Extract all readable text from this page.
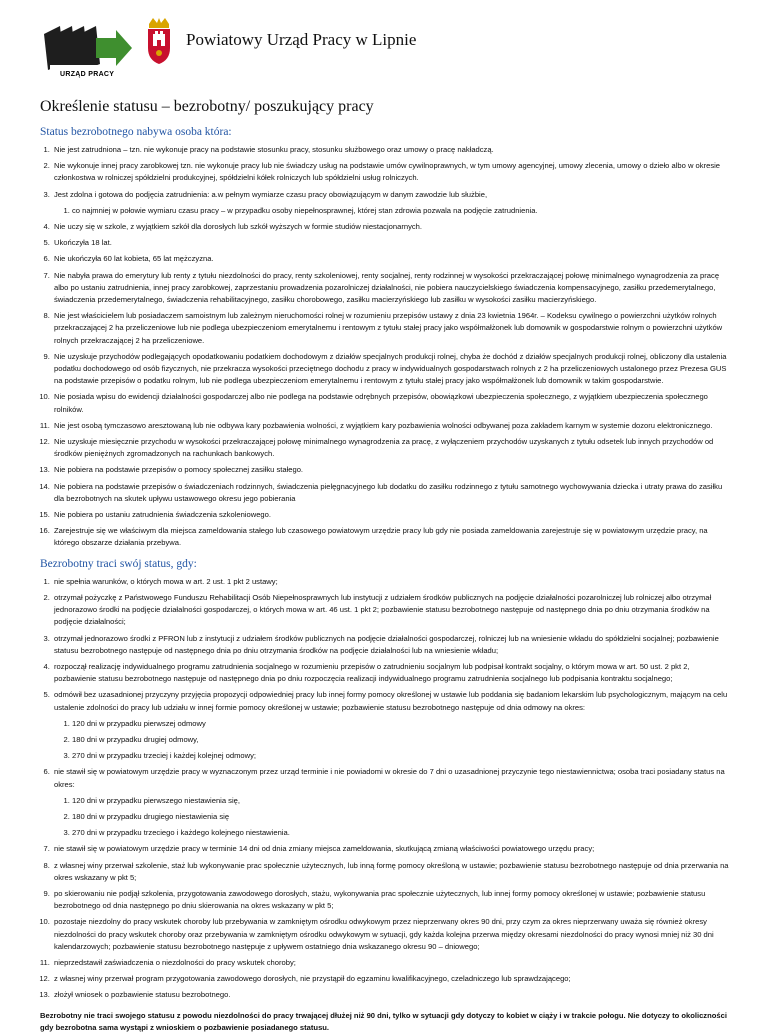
URZĄD PRACY
Powiatowy Urząd Pracy w Lipnie
Określenie statusu – bezrobotny/ poszukujący pracy
Status bezrobotnego nabywa osoba która:
1. Nie jest zatrudniona – tzn. nie wykonuje pracy na podstawie stosunku pracy, stosunku służbowego oraz umowy o pracę nakładczą.
2. Nie wykonuje innej pracy zarobkowej tzn. nie wykonuje pracy lub nie świadczy usług na podstawie umów cywilnoprawnych, w tym umowy agencyjnej, umowy zlecenia, umowy o dzieło albo w okresie członkostwa w rolniczej spółdzielni produkcyjnej, spółdzielni kółek rolniczych lub spółdzielni usług rolniczych.
3. Jest zdolna i gotowa do podjęcia zatrudnienia: a.w pełnym wymiarze czasu pracy obowiązującym w danym zawodzie lub służbie,
1. co najmniej w połowie wymiaru czasu pracy – w przypadku osoby niepełnosprawnej, której stan zdrowia pozwala na podjęcie zatrudnienia.
4. Nie uczy się w szkole, z wyjątkiem szkół dla dorosłych lub szkół wyższych w formie studiów niestacjonarnych.
5. Ukończyła 18 lat.
6. Nie ukończyła 60 lat kobieta, 65 lat mężczyzna.
7. Nie nabyła prawa do emerytury lub renty z tytułu niezdolności do pracy, renty szkoleniowej, renty socjalnej, renty rodzinnej w wysokości przekraczającej połowę minimalnego wynagrodzenia za pracę albo po ustaniu zatrudnienia, innej pracy zarobkowej, zaprzestaniu prowadzenia pozarolniczej działalności, nie pobiera nauczycielskiego świadczenia kompensacyjnego, zasiłku przedemerytalnego, świadczenia przedemerytalnego, świadczenia rehabilitacyjnego, zasiłku chorobowego, zasiłku macierzyńskiego lub zasiłku w wysokości zasiłku macierzyńskiego.
8. Nie jest właścicielem lub posiadaczem samoistnym lub zależnym nieruchomości rolnej w rozumieniu przepisów ustawy z dnia 23 kwietnia 1964r. – Kodeksu cywilnego o powierzchni użytków rolnych przekraczającej 2 ha przeliczeniowe lub nie podlega ubezpieczeniom emerytalnemu i rentowym z tytułu stałej pracy jako współmałżonek lub domownik w gospodarstwie rolnym o powierzchni użytków rolnych przekraczającej 2 ha przeliczeniowe.
9. Nie uzyskuje przychodów podlegających opodatkowaniu podatkiem dochodowym z działów specjalnych produkcji rolnej, chyba że dochód z działów specjalnych produkcji rolnej, obliczony dla ustalenia podatku dochodowego od osób fizycznych, nie przekracza wysokości przeciętnego dochodu z pracy w indywidualnych gospodarstwach rolnych z 2 ha przeliczeniowych ustalonego przez Prezesa GUS na podstawie przepisów o podatku rolnym, lub nie podlega ubezpieczeniom emerytalnemu i rentowym z tytułu stałej pracy jako współmałżonek lub domownik w takim gospodarstwie.
10. Nie posiada wpisu do ewidencji działalności gospodarczej albo nie podlega na podstawie odrębnych przepisów, obowiązkowi ubezpieczenia społecznego, z wyjątkiem ubezpieczenia społecznego rolników.
11. Nie jest osobą tymczasowo aresztowaną lub nie odbywa kary pozbawienia wolności, z wyjątkiem kary pozbawienia wolności odbywanej poza zakładem karnym w systemie dozoru elektronicznego.
12. Nie uzyskuje miesięcznie przychodu w wysokości przekraczającej połowę minimalnego wynagrodzenia za pracę, z wyłączeniem przychodów uzyskanych z tytułu odsetek lub innych przychodów od środków pieniężnych zgromadzonych na rachunkach bankowych.
13. Nie pobiera na podstawie przepisów o pomocy społecznej zasiłku stałego.
14. Nie pobiera na podstawie przepisów o świadczeniach rodzinnych, świadczenia pielęgnacyjnego lub dodatku do zasiłku rodzinnego z tytułu samotnego wychowywania dziecka i utraty prawa do zasiłku dla bezrobotnych na skutek upływu ustawowego okresu jego pobierania
15. Nie pobiera po ustaniu zatrudnienia świadczenia szkoleniowego.
16. Zarejestruje się we właściwym dla miejsca zameldowania stałego lub czasowego powiatowym urzędzie pracy lub gdy nie posiada zameldowania zarejestruje się w powiatowym urzędzie pracy, na którego obszarze działania przebywa.
Bezrobotny traci swój status, gdy:
1. nie spełnia warunków, o których mowa w art. 2 ust. 1 pkt 2 ustawy;
2. otrzymał pożyczkę z Państwowego Funduszu Rehabilitacji Osób Niepełnosprawnych lub instytucji z udziałem środków publicznych na podjęcie działalności pozarolniczej lub rolniczej albo otrzymał jednorazowo środki na podjęcie działalności gospodarczej, o których mowa w art. 46 ust. 1 pkt 2; pozbawienie statusu bezrobotnego następuje od następnego dnia po dniu otrzymania środków na podjęcie działalności;
3. otrzymał jednorazowo środki z PFRON lub z instytucji z udziałem środków publicznych na podjęcie działalności gospodarczej, rolniczej lub na wniesienie wkładu do spółdzielni socjalnej; pozbawienie statusu bezrobotnego następuje od następnego dnia po dniu otrzymania środków na podjęcie działalności lub na wniesienie wkładu;
4. rozpoczął realizację indywidualnego programu zatrudnienia socjalnego w rozumieniu przepisów o zatrudnieniu socjalnym lub podpisał kontrakt socjalny, o którym mowa w art. 50 ust. 2 pkt 2, pozbawienie statusu bezrobotnego następuje od następnego dnia po dniu rozpoczęcia realizacji indywidualnego programu zatrudnienia socjalnego lub podpisania kontraktu socjalnego;
5. odmówił bez uzasadnionej przyczyny przyjęcia propozycji odpowiedniej pracy lub innej formy pomocy określonej w ustawie lub poddania się badaniom lekarskim lub psychologicznym, mającym na celu ustalenie zdolności do pracy lub udziału w innej formie pomocy określonej w ustawie; pozbawienie statusu bezrobotnego następuje od dnia odmowy na okres:
1. 120 dni w przypadku pierwszej odmowy
2. 180 dni w przypadku drugiej odmowy,
3. 270 dni w przypadku trzeciej i każdej kolejnej odmowy;
6. nie stawił się w powiatowym urzędzie pracy w wyznaczonym przez urząd terminie i nie powiadomi w okresie do 7 dni o uzasadnionej przyczynie tego niestawiennictwa; osoba traci posiadany status na okres:
1. 120 dni w przypadku pierwszego niestawienia się,
2. 180 dni w przypadku drugiego niestawienia się
3. 270 dni w przypadku trzeciego i każdego kolejnego niestawienia.
7. nie stawił się w powiatowym urzędzie pracy w terminie 14 dni od dnia zmiany miejsca zameldowania, skutkującą zmianą właściwości powiatowego urzędu pracy;
8. z własnej winy przerwał szkolenie, staż lub wykonywanie prac społecznie użytecznych, lub inną formę pomocy określoną w ustawie; pozbawienie statusu bezrobotnego następuje od dnia przerwania na okres wskazany w pkt 5;
9. po skierowaniu nie podjął szkolenia, przygotowania zawodowego dorosłych, stażu, wykonywania prac społecznie użytecznych, lub innej formy pomocy określonej w ustawie; pozbawienie statusu bezrobotnego od dnia następnego po dniu skierowania na okres wskazany w pkt 5;
10. pozostaje niezdolny do pracy wskutek choroby lub przebywania w zamkniętym ośrodku odwykowym przez nieprzerwany okres 90 dni, przy czym za okres nieprzerwany uważa się również okresy niezdolności do pracy wskutek choroby oraz przebywania w zamkniętym ośrodku odwykowym w sytuacji, gdy każda kolejna przerwa między okresami niezdolności do pracy wynosi mniej niż 30 dni kalendarzowych; pozbawienie statusu bezrobotnego następuje z upływem ostatniego dnia wskazanego okresu 90 – dniowego;
11. nieprzedstawił zaświadczenia o niezdolności do pracy wskutek choroby;
12. z własnej winy przerwał program przygotowania zawodowego dorosłych, nie przystąpił do egzaminu kwalifikacyjnego, czeladniczego lub sprawdzającego;
13. złożył wniosek o pozbawienie statusu bezrobotnego.

Bezrobotny nie traci swojego statusu z powodu niezdolności do pracy trwającej dłużej niż 90 dni, tylko w sytuacji gdy dotyczy to kobiet w ciąży i w trakcie połogu. Nie dotyczy to okoliczności gdy bezrobotna sama wystąpi z wnioskiem o pozbawienie posiadanego statusu.
